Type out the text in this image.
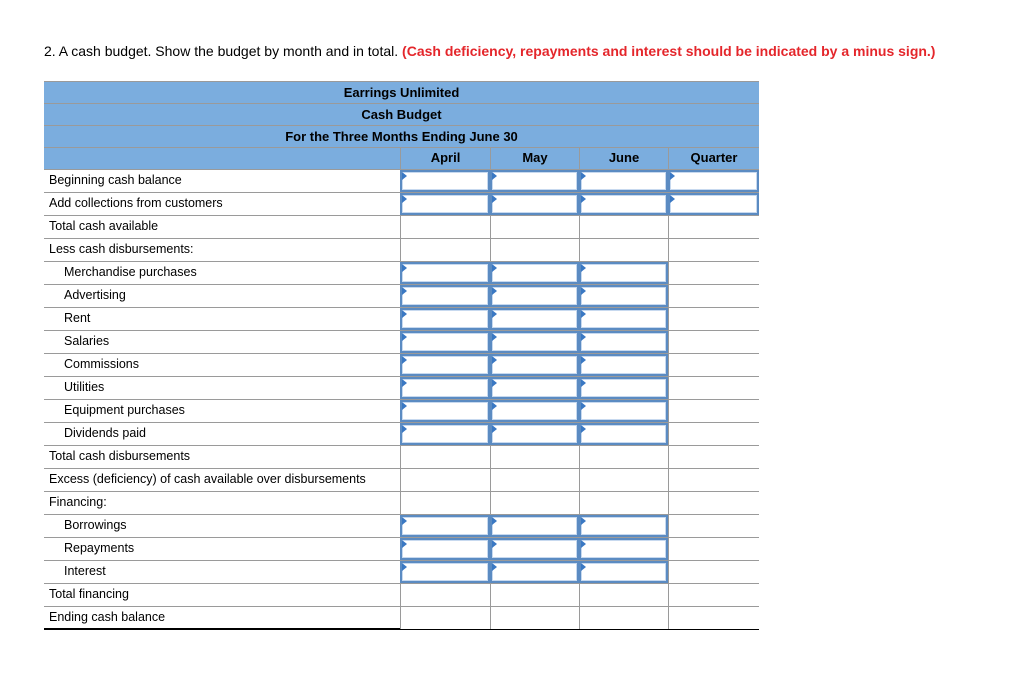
2. A cash budget. Show the budget by month and in total. (Cash deficiency, repayments and interest should be indicated by a minus sign.)
Earrings Unlimited
Cash Budget
For the Three Months Ending June 30
April	May	June	Quarter
Beginning cash balance
Add collections from customers
Total cash available
Less cash disbursements:
Merchandise purchases
Advertising
Rent
Salaries
Commissions
Utilities
Equipment purchases
Dividends paid
Total cash disbursements
Excess (deficiency) of cash available over disbursements
Financing:
Borrowings
Repayments
Interest
Total financing
Ending cash balance
